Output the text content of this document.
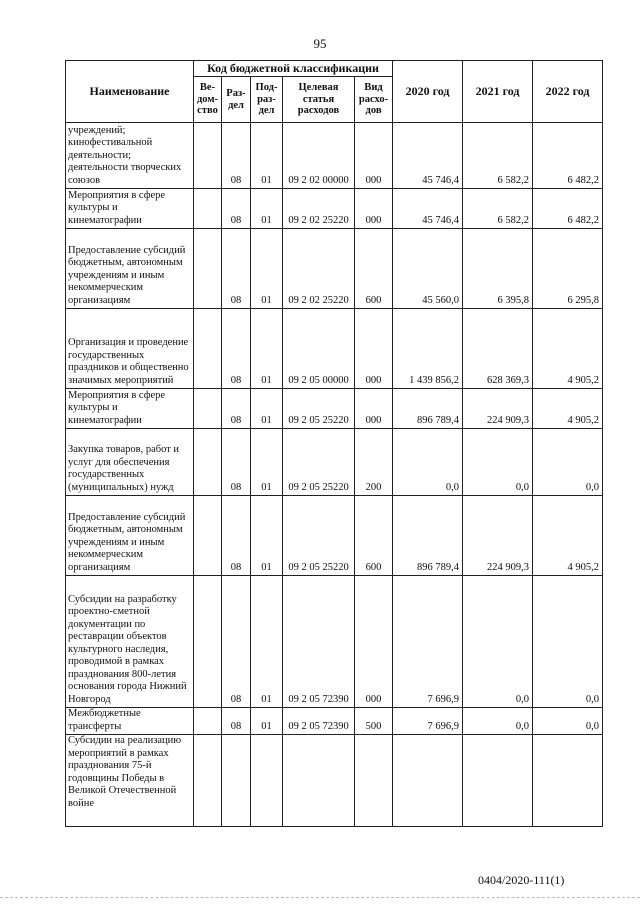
95
Наименование	Код бюджетной классификации					2020 год	2021 год	2022 год
	Ве-дом-ство	Раз-дел	Под-раз-дел	Целевая статья расходов	Вид расхо-дов			
учреждений; кинофестивальной деятельности; деятельности творческих союзов		08	01	09 2 02 00000	000	45 746,4	6 582,2	6 482,2
Мероприятия в сфере культуры и кинематографии		08	01	09 2 02 25220	000	45 746,4	6 582,2	6 482,2
Предоставление субсидий бюджетным, автономным учреждениям и иным некоммерческим организациям		08	01	09 2 02 25220	600	45 560,0	6 395,8	6 295,8
Организация и проведение государственных праздников и общественно значимых мероприятий		08	01	09 2 05 00000	000	1 439 856,2	628 369,3	4 905,2
Мероприятия в сфере культуры и кинематографии		08	01	09 2 05 25220	000	896 789,4	224 909,3	4 905,2
Закупка товаров, работ и услуг для обеспечения государственных (муниципальных) нужд		08	01	09 2 05 25220	200	0,0	0,0	0,0
Предоставление субсидий бюджетным, автономным учреждениям и иным некоммерческим организациям		08	01	09 2 05 25220	600	896 789,4	224 909,3	4 905,2
Субсидии на разработку проектно-сметной документации по реставрации объектов культурного наследия, проводимой в рамках празднования 800-летия основания города Нижний Новгород		08	01	09 2 05 72390	000	7 696,9	0,0	0,0
Межбюджетные трансферты		08	01	09 2 05 72390	500	7 696,9	0,0	0,0
Субсидии на реализацию мероприятий в рамках празднования 75-й годовщины Победы в Великой Отечественной войне								
0404/2020-111(1)
